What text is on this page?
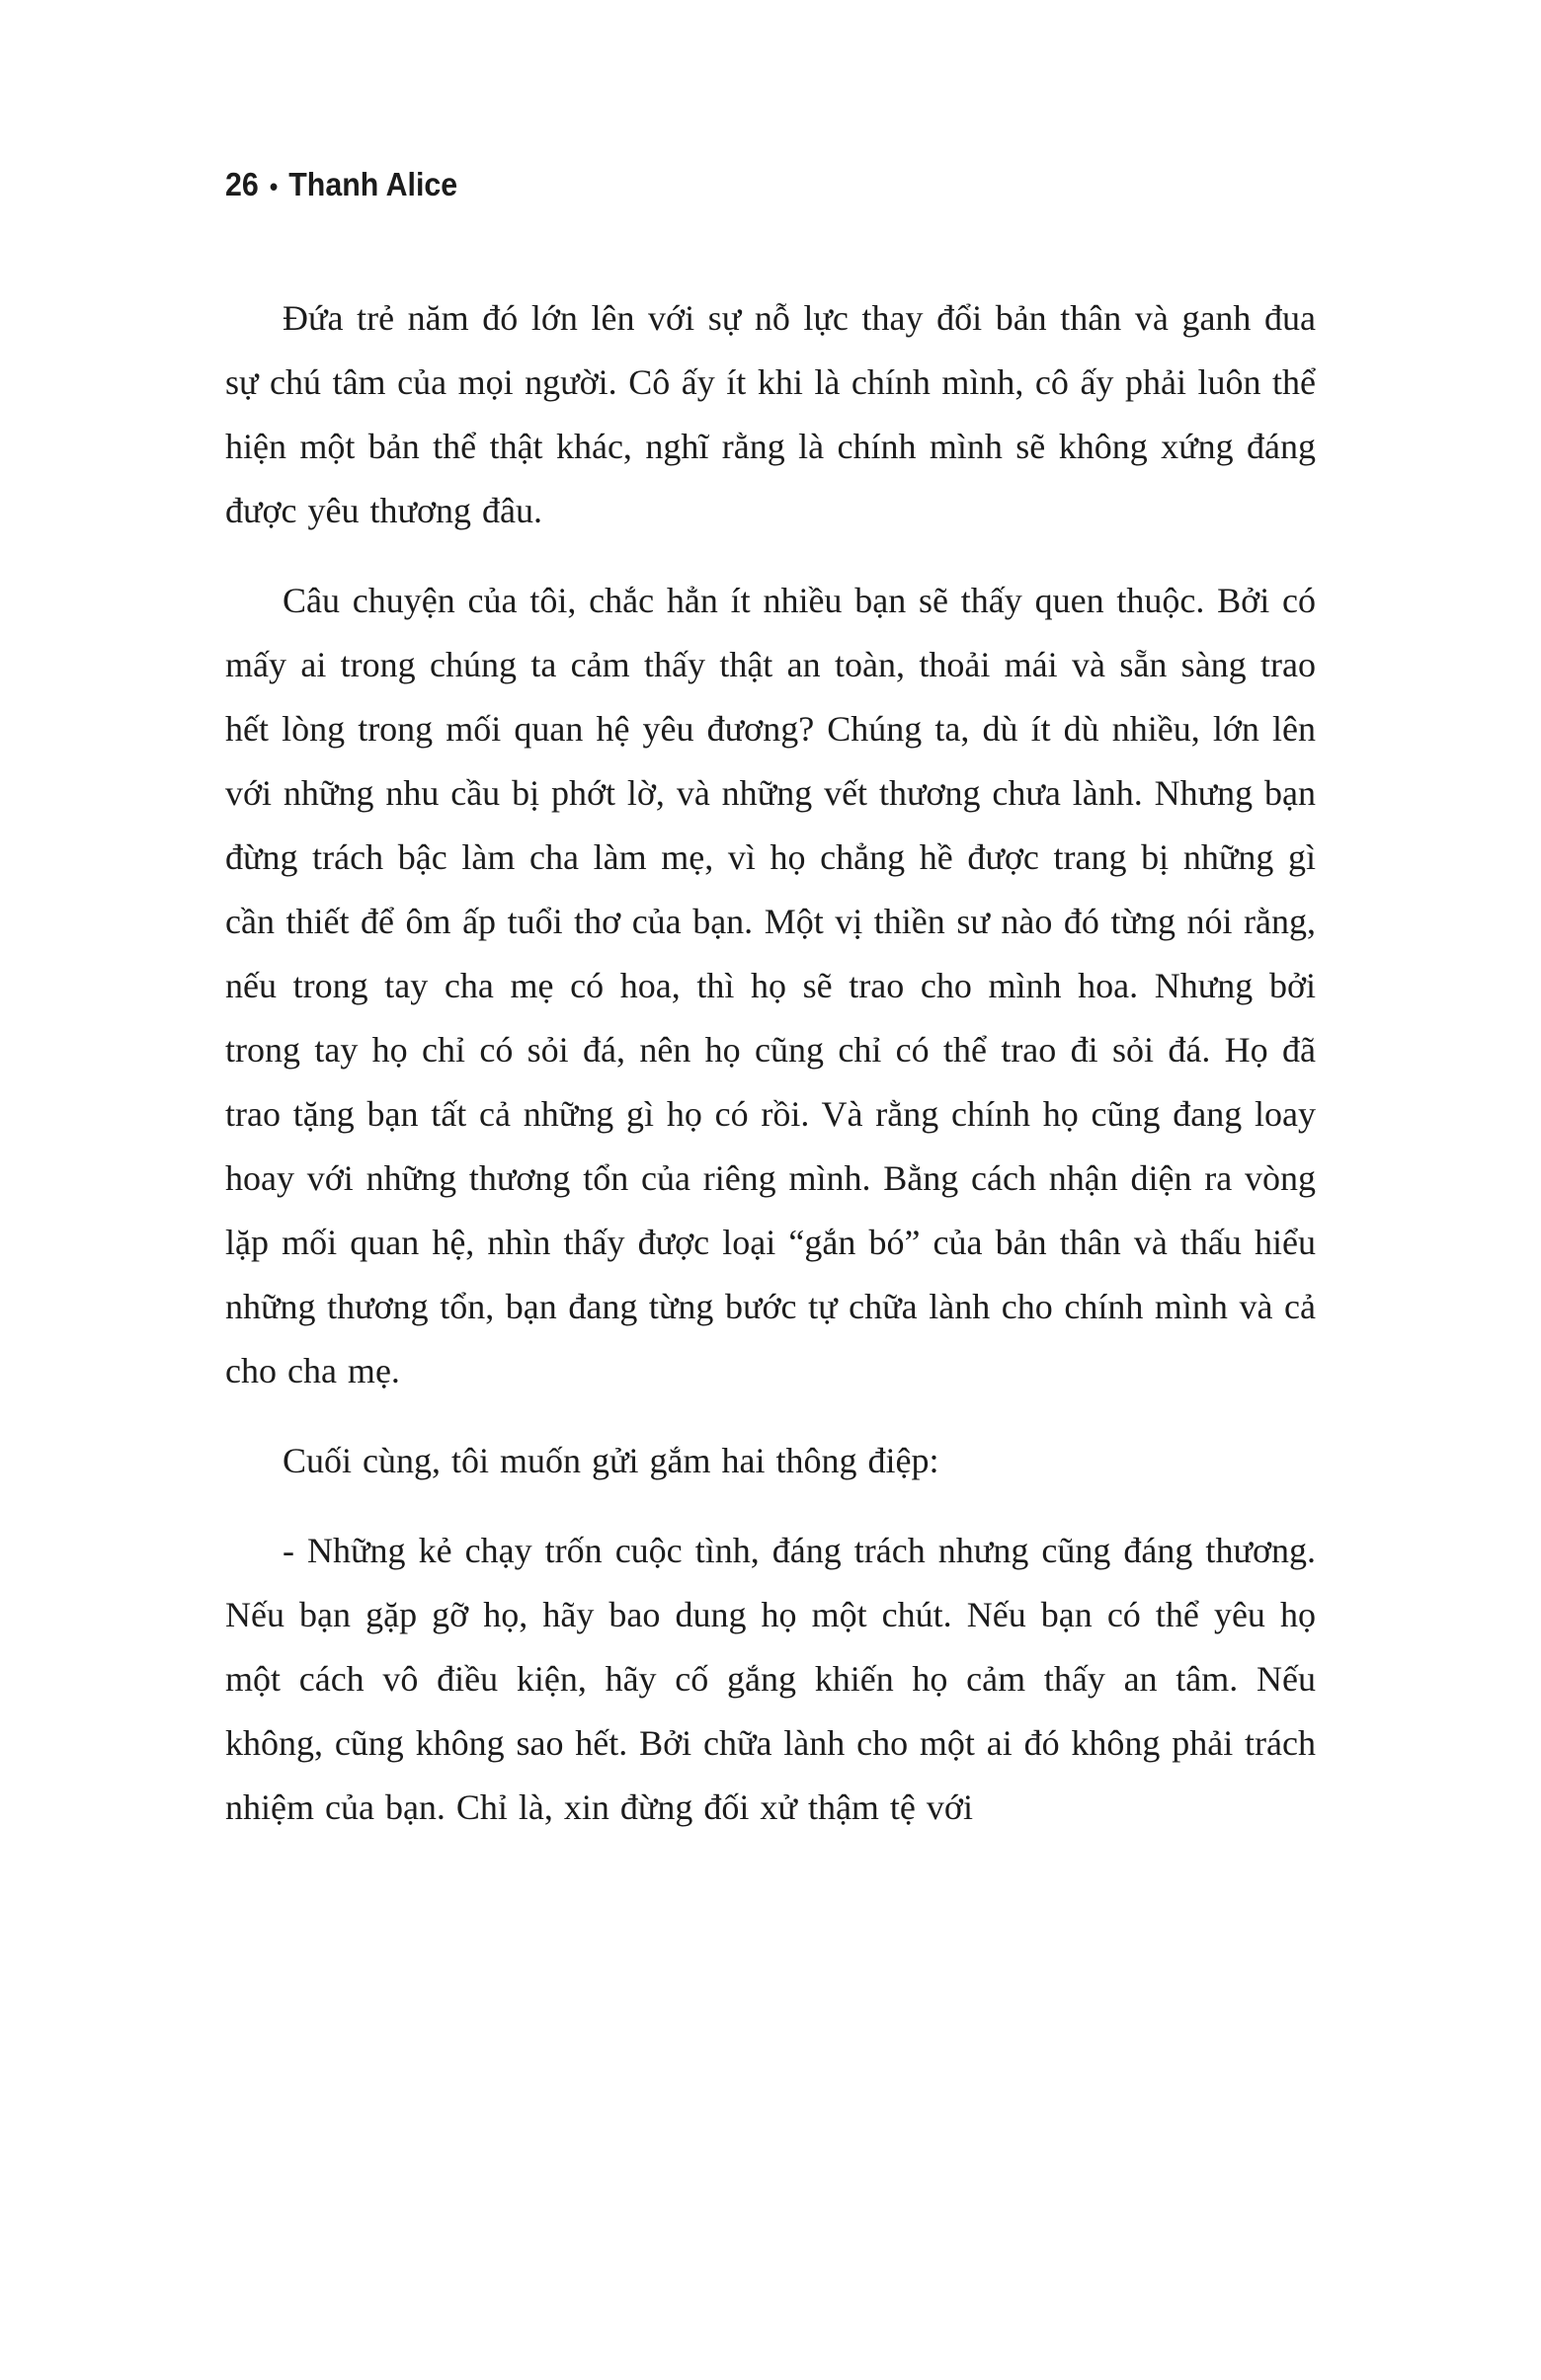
26 • Thanh Alice

Đứa trẻ năm đó lớn lên với sự nỗ lực thay đổi bản thân và ganh đua sự chú tâm của mọi người. Cô ấy ít khi là chính mình, cô ấy phải luôn thể hiện một bản thể thật khác, nghĩ rằng là chính mình sẽ không xứng đáng được yêu thương đâu.

Câu chuyện của tôi, chắc hẳn ít nhiều bạn sẽ thấy quen thuộc. Bởi có mấy ai trong chúng ta cảm thấy thật an toàn, thoải mái và sẵn sàng trao hết lòng trong mối quan hệ yêu đương? Chúng ta, dù ít dù nhiều, lớn lên với những nhu cầu bị phớt lờ, và những vết thương chưa lành. Nhưng bạn đừng trách bậc làm cha làm mẹ, vì họ chẳng hề được trang bị những gì cần thiết để ôm ấp tuổi thơ của bạn. Một vị thiền sư nào đó từng nói rằng, nếu trong tay cha mẹ có hoa, thì họ sẽ trao cho mình hoa. Nhưng bởi trong tay họ chỉ có sỏi đá, nên họ cũng chỉ có thể trao đi sỏi đá. Họ đã trao tặng bạn tất cả những gì họ có rồi. Và rằng chính họ cũng đang loay hoay với những thương tổn của riêng mình. Bằng cách nhận diện ra vòng lặp mối quan hệ, nhìn thấy được loại “gắn bó” của bản thân và thấu hiểu những thương tổn, bạn đang từng bước tự chữa lành cho chính mình và cả cho cha mẹ.

Cuối cùng, tôi muốn gửi gắm hai thông điệp:

- Những kẻ chạy trốn cuộc tình, đáng trách nhưng cũng đáng thương. Nếu bạn gặp gỡ họ, hãy bao dung họ một chút. Nếu bạn có thể yêu họ một cách vô điều kiện, hãy cố gắng khiến họ cảm thấy an tâm. Nếu không, cũng không sao hết. Bởi chữa lành cho một ai đó không phải trách nhiệm của bạn. Chỉ là, xin đừng đối xử thậm tệ với
